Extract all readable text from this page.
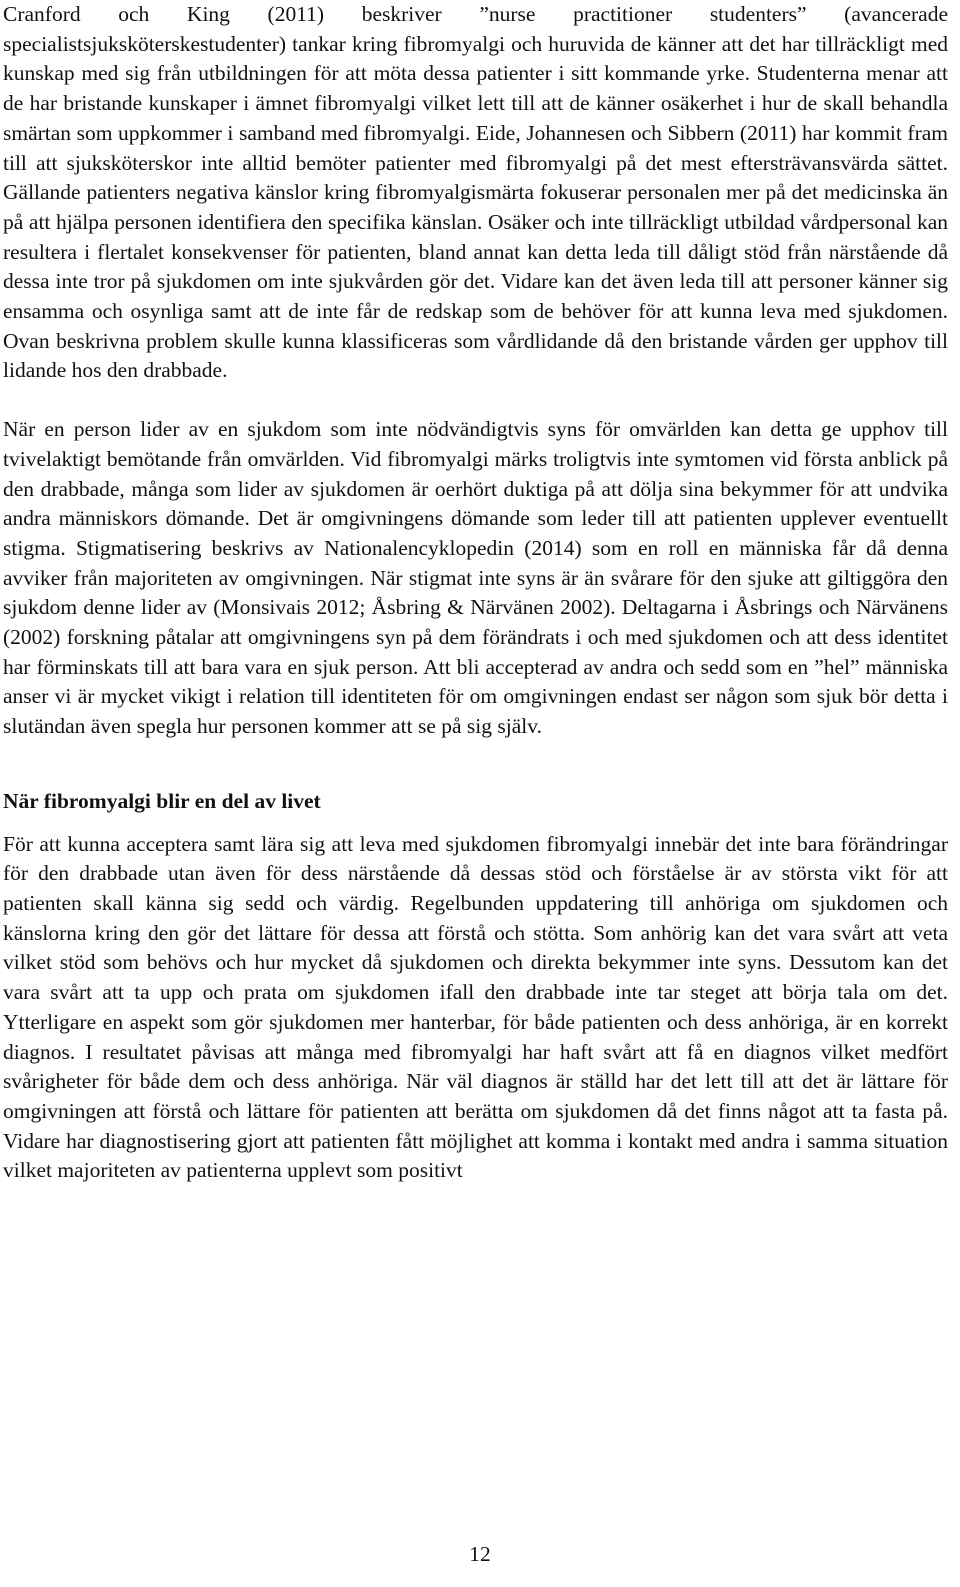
Cranford och King (2011) beskriver ”nurse practitioner studenters” (avancerade specialistsjuksköterskestudenter) tankar kring fibromyalgi och huruvida de känner att det har tillräckligt med kunskap med sig från utbildningen för att möta dessa patienter i sitt kommande yrke. Studenterna menar att de har bristande kunskaper i ämnet fibromyalgi vilket lett till att de känner osäkerhet i hur de skall behandla smärtan som uppkommer i samband med fibromyalgi. Eide, Johannesen och Sibbern (2011) har kommit fram till att sjuksköterskor inte alltid bemöter patienter med fibromyalgi på det mest eftersträvansvärda sättet. Gällande patienters negativa känslor kring fibromyalgismärta fokuserar personalen mer på det medicinska än på att hjälpa personen identifiera den specifika känslan. Osäker och inte tillräckligt utbildad vårdpersonal kan resultera i flertalet konsekvenser för patienten, bland annat kan detta leda till dåligt stöd från närstående då dessa inte tror på sjukdomen om inte sjukvården gör det. Vidare kan det även leda till att personer känner sig ensamma och osynliga samt att de inte får de redskap som de behöver för att kunna leva med sjukdomen. Ovan beskrivna problem skulle kunna klassificeras som vårdlidande då den bristande vården ger upphov till lidande hos den drabbade.

När en person lider av en sjukdom som inte nödvändigtvis syns för omvärlden kan detta ge upphov till tvivelaktigt bemötande från omvärlden. Vid fibromyalgi märks troligtvis inte symtomen vid första anblick på den drabbade, många som lider av sjukdomen är oerhört duktiga på att dölja sina bekymmer för att undvika andra människors dömande. Det är omgivningens dömande som leder till att patienten upplever eventuellt stigma. Stigmatisering beskrivs av Nationalencyklopedin (2014) som en roll en människa får då denna avviker från majoriteten av omgivningen. När stigmat inte syns är än svårare för den sjuke att giltiggöra den sjukdom denne lider av (Monsivais 2012; Åsbring & Närvänen 2002). Deltagarna i Åsbrings och Närvänens (2002) forskning påtalar att omgivningens syn på dem förändrats i och med sjukdomen och att dess identitet har förminskats till att bara vara en sjuk person. Att bli accepterad av andra och sedd som en ”hel” människa anser vi är mycket vikigt i relation till identiteten för om omgivningen endast ser någon som sjuk bör detta i slutändan även spegla hur personen kommer att se på sig själv.

När fibromyalgi blir en del av livet

För att kunna acceptera samt lära sig att leva med sjukdomen fibromyalgi innebär det inte bara förändringar för den drabbade utan även för dess närstående då dessas stöd och förståelse är av största vikt för att patienten skall känna sig sedd och värdig. Regelbunden uppdatering till anhöriga om sjukdomen och känslorna kring den gör det lättare för dessa att förstå och stötta. Som anhörig kan det vara svårt att veta vilket stöd som behövs och hur mycket då sjukdomen och direkta bekymmer inte syns. Dessutom kan det vara svårt att ta upp och prata om sjukdomen ifall den drabbade inte tar steget att börja tala om det. Ytterligare en aspekt som gör sjukdomen mer hanterbar, för både patienten och dess anhöriga, är en korrekt diagnos. I resultatet påvisas att många med fibromyalgi har haft svårt att få en diagnos vilket medfört svårigheter för både dem och dess anhöriga. När väl diagnos är ställd har det lett till att det är lättare för omgivningen att förstå och lättare för patienten att berätta om sjukdomen då det finns något att ta fasta på. Vidare har diagnostisering gjort att patienten fått möjlighet att komma i kontakt med andra i samma situation vilket majoriteten av patienterna upplevt som positivt

12
